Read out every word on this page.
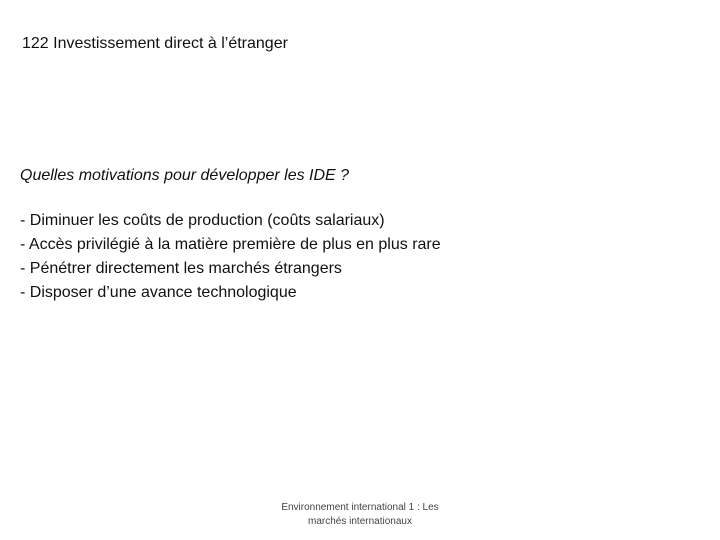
122 Investissement direct à l’étranger
Quelles motivations pour développer les IDE ?
- Diminuer les coûts de production (coûts salariaux)
- Accès privilégié à la matière première de plus en plus rare
- Pénétrer directement les marchés étrangers
- Disposer d’une avance technologique
Environnement international 1 : Les
marchés internationaux
